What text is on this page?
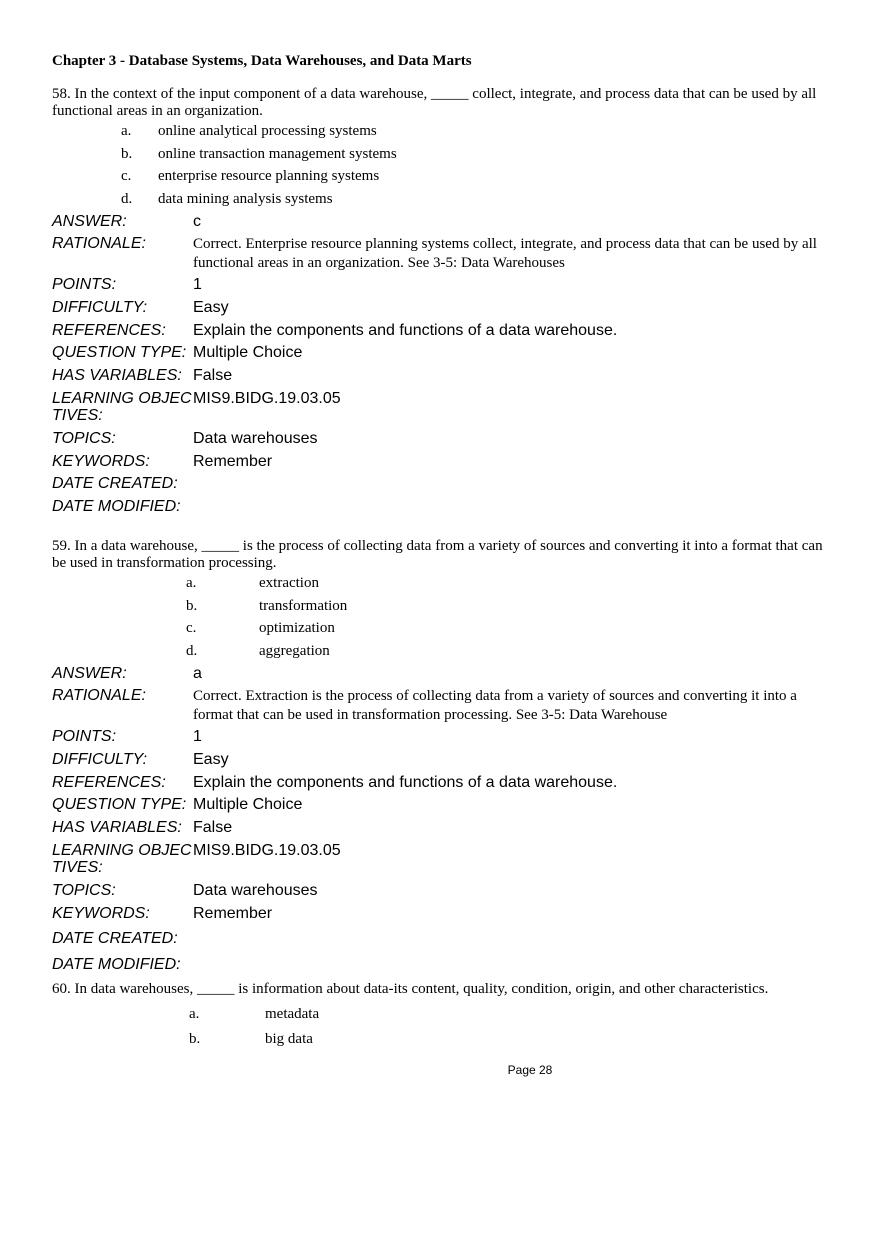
Chapter 3 - Database Systems, Data Warehouses, and Data Marts
58. In the context of the input component of a data warehouse, _____ collect, integrate, and process data that can be used by all functional areas in an organization.
a. online analytical processing systems
b. online transaction management systems
c. enterprise resource planning systems
d. data mining analysis systems
ANSWER:	c
RATIONALE:	Correct. Enterprise resource planning systems collect, integrate, and process data that can be used by all functional areas in an organization. See 3-5: Data Warehouses
POINTS:	1
DIFFICULTY:	Easy
REFERENCES:	Explain the components and functions of a data warehouse.
QUESTION TYPE: Multiple Choice
HAS VARIABLES: False
LEARNING OBJEC TIVES:
MIS9.BIDG.19.03.05
TOPICS:	Data warehouses
KEYWORDS:	Remember
DATE CREATED:
DATE MODIFIED:
59. In a data warehouse, _____ is the process of collecting data from a variety of sources and converting it into a format that can be used in transformation processing.
a.	extraction
b.	transformation
c.	optimization
d.	aggregation
ANSWER:	a
RATIONALE:	Correct. Extraction is the process of collecting data from a variety of sources and converting it into a format that can be used in transformation processing. See 3-5: Data Warehouse
POINTS:	1
DIFFICULTY:	Easy
REFERENCES:	Explain the components and functions of a data warehouse.
QUESTION TYPE: Multiple Choice
HAS VARIABLES: False
LEARNING OBJEC TIVES:
MIS9.BIDG.19.03.05
TOPICS:	Data warehouses
KEYWORDS:	Remember
DATE CREATED:
DATE MODIFIED:
60. In data warehouses, _____ is information about data-its content, quality, condition, origin, and other characteristics.
a.	metadata
b.	big data
Page 28
